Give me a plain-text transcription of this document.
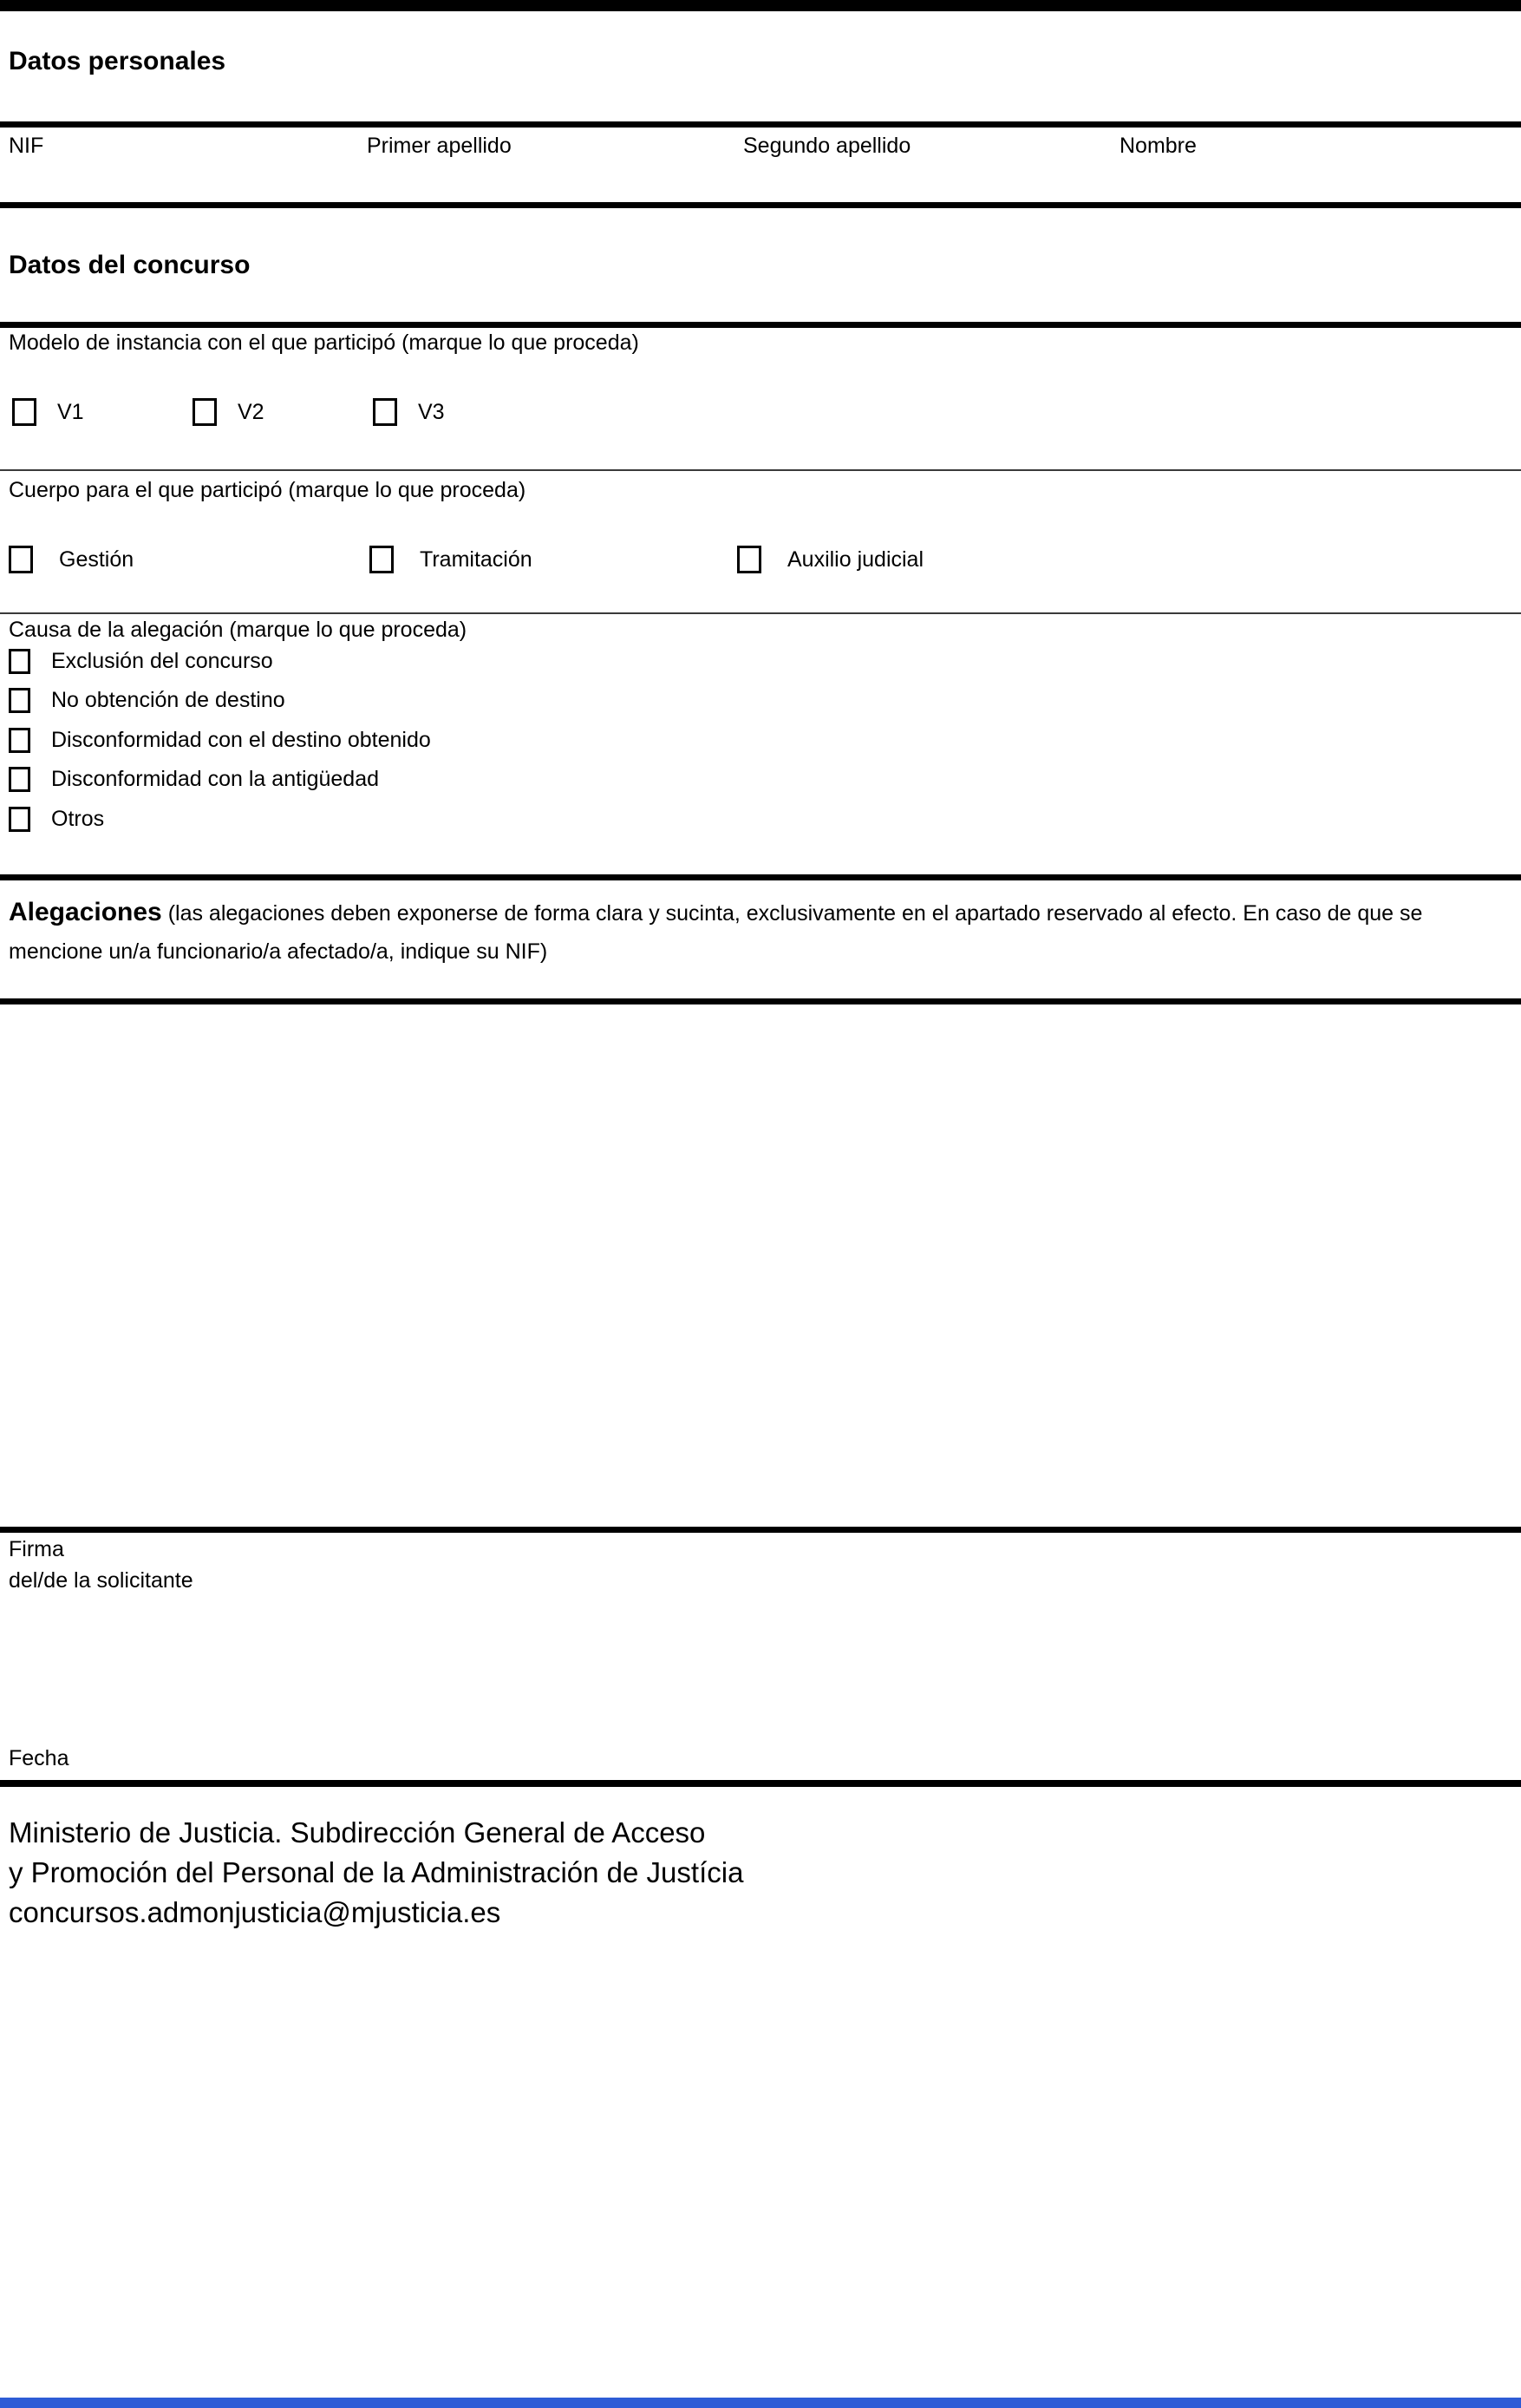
Datos personales
NIF	Primer apellido	Segundo apellido	Nombre
Datos del concurso
Modelo de instancia con el que participó (marque lo que proceda)
V1	V2	V3
Cuerpo para el que participó (marque lo que proceda)
Gestión	Tramitación	Auxilio judicial
Causa de la alegación (marque lo que proceda)
Exclusión del concurso
No obtención de destino
Disconformidad con el destino obtenido
Disconformidad con la antigüedad
Otros
Alegaciones (las alegaciones deben exponerse de forma clara y sucinta, exclusivamente en el apartado reservado al efecto. En caso de que se mencione un/a funcionario/a afectado/a, indique su NIF)
Firma
del/de la solicitante
Fecha
Ministerio de Justicia. Subdirección General de Acceso
y Promoción del Personal de la Administración de Justícia
concursos.admonjusticia@mjusticia.es
